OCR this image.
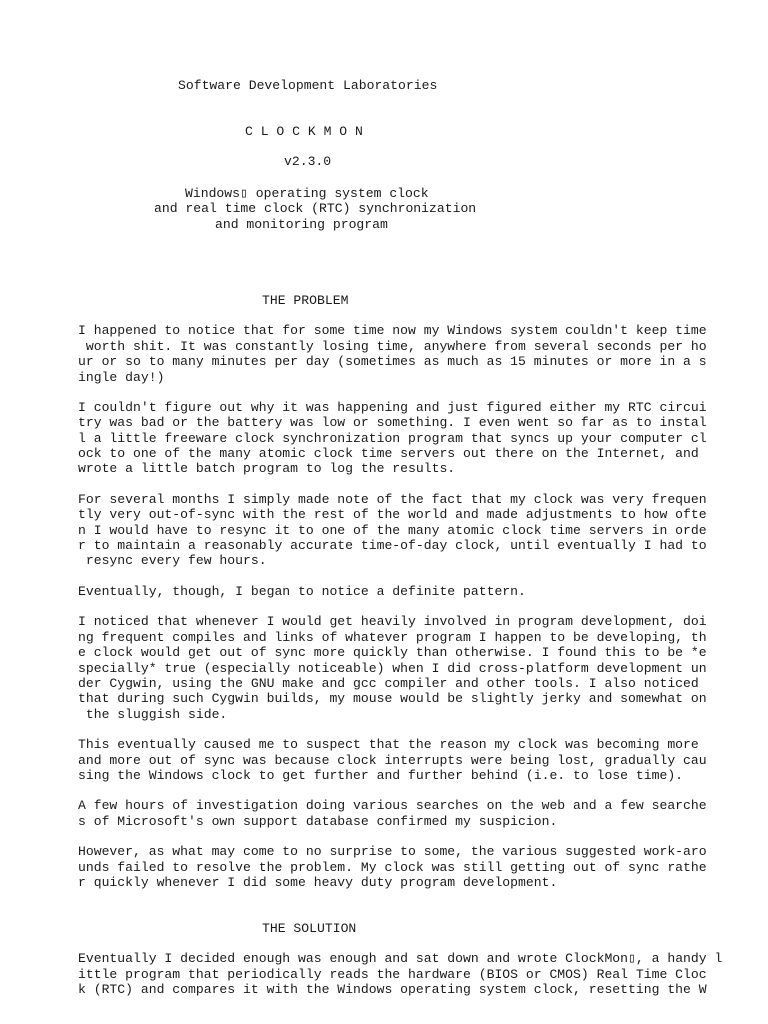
Software Development Laboratories
C L O C K M O N
v2.3.0
Windows▯ operating system clock
and real time clock (RTC) synchronization
and monitoring program
THE PROBLEM
I happened to notice that for some time now my Windows system couldn't keep time
worth shit. It was constantly losing time, anywhere from several seconds per ho
ur or so to many minutes per day (sometimes as much as 15 minutes or more in a s
ingle day!)
I couldn't figure out why it was happening and just figured either my RTC circui
try was bad or the battery was low or something. I even went so far as to instal
l a little freeware clock synchronization program that syncs up your computer cl
ock to one of the many atomic clock time servers out there on the Internet, and
wrote a little batch program to log the results.
For several months I simply made note of the fact that my clock was very frequen
tly very out-of-sync with the rest of the world and made adjustments to how ofte
n I would have to resync it to one of the many atomic clock time servers in orde
r to maintain a reasonably accurate time-of-day clock, until eventually I had to
resync every few hours.
Eventually, though, I began to notice a definite pattern.
I noticed that whenever I would get heavily involved in program development, doi
ng frequent compiles and links of whatever program I happen to be developing, th
e clock would get out of sync more quickly than otherwise. I found this to be *e
specially* true (especially noticeable) when I did cross-platform development un
der Cygwin, using the GNU make and gcc compiler and other tools. I also noticed
that during such Cygwin builds, my mouse would be slightly jerky and somewhat on
the sluggish side.
This eventually caused me to suspect that the reason my clock was becoming more
and more out of sync was because clock interrupts were being lost, gradually cau
sing the Windows clock to get further and further behind (i.e. to lose time).
A few hours of investigation doing various searches on the web and a few searche
s of Microsoft's own support database confirmed my suspicion.
However, as what may come to no surprise to some, the various suggested work-aro
unds failed to resolve the problem. My clock was still getting out of sync rathe
r quickly whenever I did some heavy duty program development.
THE SOLUTION
Eventually I decided enough was enough and sat down and wrote ClockMon▯, a handy l
ittle program that periodically reads the hardware (BIOS or CMOS) Real Time Cloc
k (RTC) and compares it with the Windows operating system clock, resetting the W
